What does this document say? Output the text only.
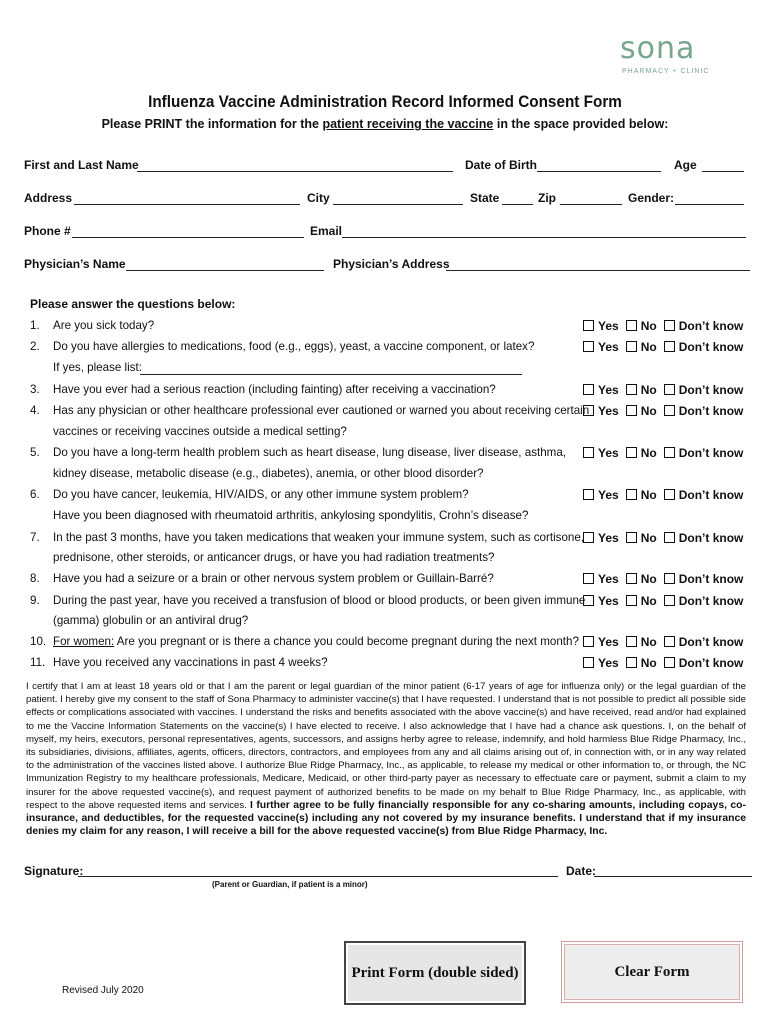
sona
PHARMACY + CLINIC
Influenza Vaccine Administration Record Informed Consent Form
Please PRINT the information for the patient receiving the vaccine in the space provided below:
First and Last Name	Date of Birth	Age
Address	City	State	Zip	Gender:
Phone #	Email
Physician’s Name	Physician’s Address
Please answer the questions below:
1. Are you sick today?	Yes No Don’t know
2. Do you have allergies to medications, food (e.g., eggs), yeast, a vaccine component, or latex?
If yes, please list:
Yes No Don’t know
3. Have you ever had a serious reaction (including fainting) after receiving a vaccination?	Yes No Don’t know
4. Has any physician or other healthcare professional ever cautioned or warned you about receiving certain
vaccines or receiving vaccines outside a medical setting?
Yes No Don’t know
5. Do you have a long-term health problem such as heart disease, lung disease, liver disease, asthma,
kidney disease, metabolic disease (e.g., diabetes), anemia, or other blood disorder?
Yes No Don’t know
6. Do you have cancer, leukemia, HIV/AIDS, or any other immune system problem?
Have you been diagnosed with rheumatoid arthritis, ankylosing spondylitis, Crohn’s disease?
Yes No Don’t know
7. In the past 3 months, have you taken medications that weaken your immune system, such as cortisone,
prednisone, other steroids, or anticancer drugs, or have you had radiation treatments?
Yes No Don’t know
8. Have you had a seizure or a brain or other nervous system problem or Guillain-Barré?	Yes No Don’t know
9. During the past year, have you received a transfusion of blood or blood products, or been given immune
(gamma) globulin or an antiviral drug?
Yes No Don’t know
10. For women: Are you pregnant or is there a chance you could become pregnant during the next month?	Yes No Don’t know
11. Have you received any vaccinations in past 4 weeks?	Yes No Don’t know
I certify that I am at least 18 years old or that I am the parent or legal guardian of the minor patient (6-17 years of age for influenza only) or the legal guardian of the patient. I hereby give my consent to the staff of Sona Pharmacy to administer vaccine(s) that I have requested. I understand that is not possible to predict all possible side effects or complications associated with vaccines. I understand the risks and benefits associated with the above vaccine(s) and have received, read and/or had explained to me the Vaccine Information Statements on the vaccine(s) I have elected to receive. I also acknowledge that I have had a chance ask questions. I, on the behalf of myself, my heirs, executors, personal representatives, agents, successors, and assigns herby agree to release, indemnify, and hold harmless Blue Ridge Pharmacy, Inc., its subsidiaries, divisions, affiliates, agents, officers, directors, contractors, and employees from any and all claims arising out of, in connection with, or in any way related to the administration of the vaccines listed above. I authorize Blue Ridge Pharmacy, Inc., as applicable, to release my medical or other information to, or through, the NC Immunization Registry to my healthcare professionals, Medicare, Medicaid, or other third-party payer as necessary to effectuate care or payment, submit a claim to my insurer for the above requested vaccine(s), and request payment of authorized benefits to be made on my behalf to Blue Ridge Pharmacy, Inc., as applicable, with respect to the above requested items and services. I further agree to be fully financially responsible for any co-sharing amounts, including copays, co-insurance, and deductibles, for the requested vaccine(s) including any not covered by my insurance benefits. I understand that if my insurance denies my claim for any reason, I will receive a bill for the above requested vaccine(s) from Blue Ridge Pharmacy, Inc.
Signature:	Date:
(Parent or Guardian, if patient is a minor)
Print Form (double sided)	Clear Form
Revised July 2020
